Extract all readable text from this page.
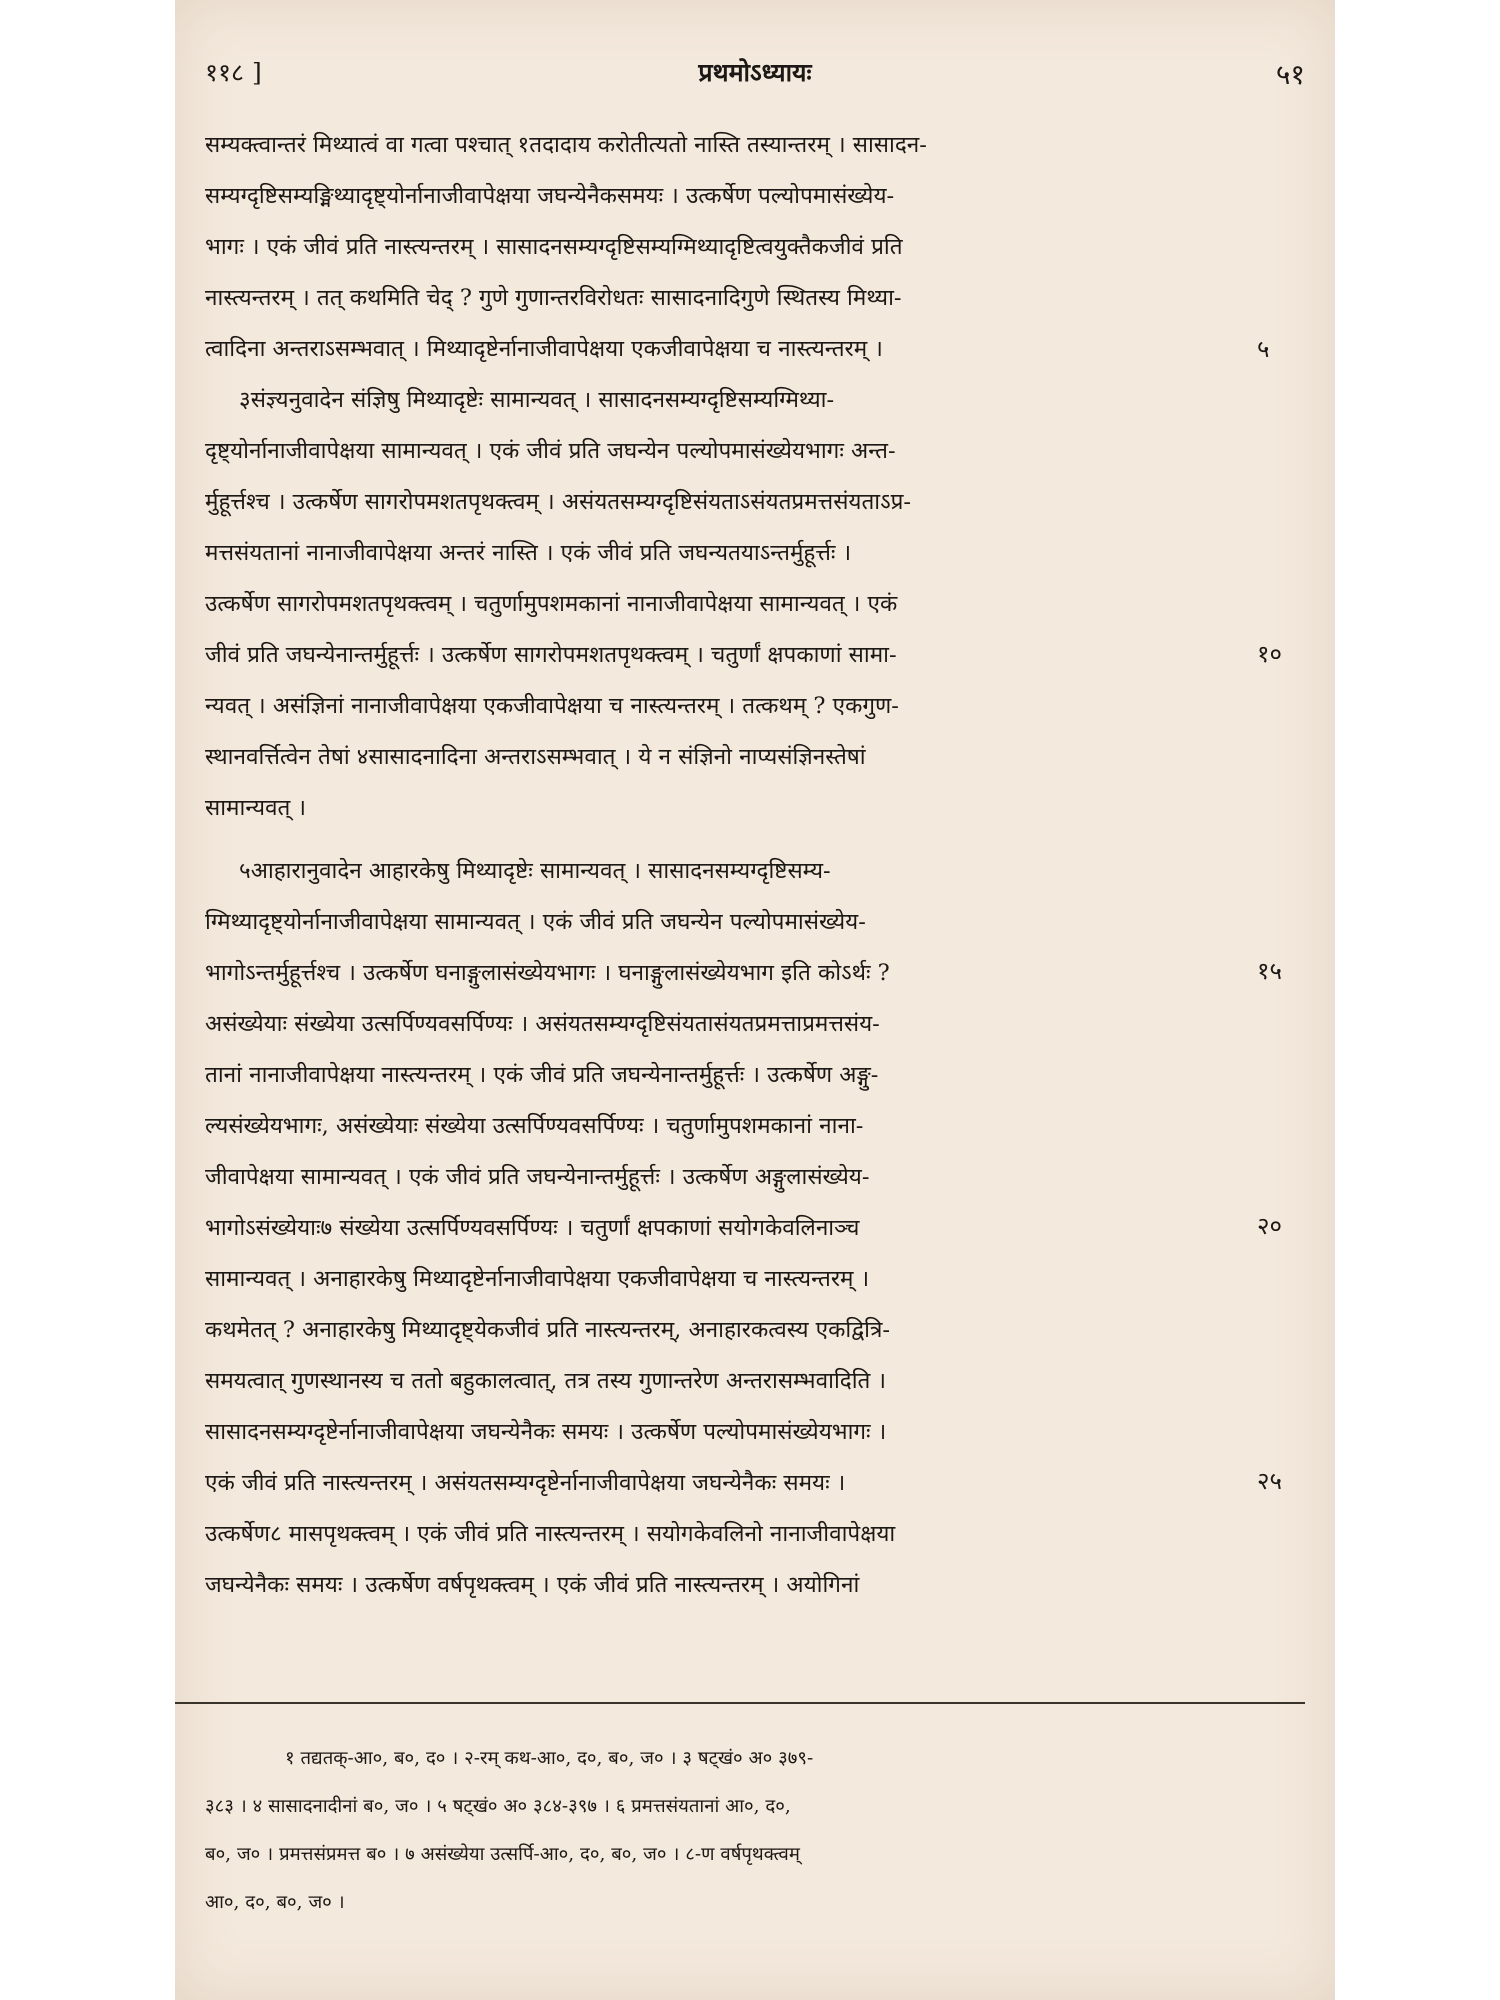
११८ ]	प्रथमोऽध्यायः	५१
सम्यक्त्वान्तरं मिथ्यात्वं वा गत्वा पश्चात् १तदादाय करोतीत्यतो नास्ति तस्यान्तरम् । सासादन-
सम्यग्दृष्टिसम्यङ्मिथ्यादृष्ट्योर्नानाजीवापेक्षया जघन्येनैकसमयः । उत्कर्षेण पल्योपमासंख्येय-
भागः । एकं जीवं प्रति नास्त्यन्तरम् । सासादनसम्यग्दृष्टिसम्यग्मिथ्यादृष्टित्वयुक्तैकजीवं प्रति
नास्त्यन्तरम् । तत् कथमिति चेद् ? गुणे गुणान्तरविरोधतः सासादनादिगुणे स्थितस्य मिथ्या-
त्वादिना अन्तराऽसम्भवात् । मिथ्यादृष्टेर्नानाजीवापेक्षया एकजीवापेक्षया च नास्त्यन्तरम् ।
३संज्ञ्यनुवादेन संज्ञिषु मिथ्यादृष्टेः सामान्यवत् । सासादनसम्यग्दृष्टिसम्यग्मिथ्या-
दृष्ट्योर्नानाजीवापेक्षया सामान्यवत् । एकं जीवं प्रति जघन्येन पल्योपमासंख्येयभागः अन्त-
र्मुहूर्त्तश्च । उत्कर्षेण सागरोपमशतपृथक्त्वम् । असंयतसम्यग्दृष्टिसंयताऽसंयतप्रमत्तसंयताऽप्र-
मत्तसंयतानां नानाजीवापेक्षया अन्तरं नास्ति । एकं जीवं प्रति जघन्यतयाऽन्तर्मुहूर्त्तः ।
उत्कर्षेण सागरोपमशतपृथक्त्वम् । चतुर्णामुपशमकानां नानाजीवापेक्षया सामान्यवत् । एकं
जीवं प्रति जघन्येनान्तर्मुहूर्त्तः । उत्कर्षेण सागरोपमशतपृथक्त्वम् । चतुर्णां क्षपकाणां सामा-
न्यवत् । असंज्ञिनां नानाजीवापेक्षया एकजीवापेक्षया च नास्त्यन्तरम् । तत्कथम् ? एकगुण-
स्थानवर्त्तित्वेन तेषां ४सासादनादिना अन्तराऽसम्भवात् । ये न संज्ञिनो नाप्यसंज्ञिनस्तेषां
सामान्यवत् ।
५आहारानुवादेन आहारकेषु मिथ्यादृष्टेः सामान्यवत् । सासादनसम्यग्दृष्टिसम्य-
ग्मिथ्यादृष्ट्योर्नानाजीवापेक्षया सामान्यवत् । एकं जीवं प्रति जघन्येन पल्योपमासंख्येय-
भागोऽन्तर्मुहूर्त्तश्च । उत्कर्षेण घनाङ्गुलासंख्येयभागः । घनाङ्गुलासंख्येयभाग इति कोऽर्थः ?
असंख्येयाः संख्येया उत्सर्पिण्यवसर्पिण्यः । असंयतसम्यग्दृष्टिसंयतासंयतप्रमत्ताप्रमत्तसंय-
तानां नानाजीवापेक्षया नास्त्यन्तरम् । एकं जीवं प्रति जघन्येनान्तर्मुहूर्त्तः । उत्कर्षेण अङ्गु-
ल्यसंख्येयभागः, असंख्येयाः संख्येया उत्सर्पिण्यवसर्पिण्यः । चतुर्णामुपशमकानां नाना-
जीवापेक्षया सामान्यवत् । एकं जीवं प्रति जघन्येनान्तर्मुहूर्त्तः । उत्कर्षेण अङ्गुलासंख्येय-
भागोऽसंख्येयाः७ संख्येया उत्सर्पिण्यवसर्पिण्यः । चतुर्णां क्षपकाणां सयोगकेवलिनाञ्च
सामान्यवत् । अनाहारकेषु मिथ्यादृष्टेर्नानाजीवापेक्षया एकजीवापेक्षया च नास्त्यन्तरम् ।
कथमेतत् ? अनाहारकेषु मिथ्यादृष्ट्येकजीवं प्रति नास्त्यन्तरम्, अनाहारकत्वस्य एकद्वित्रि-
समयत्वात् गुणस्थानस्य च ततो बहुकालत्वात्, तत्र तस्य गुणान्तरेण अन्तरासम्भवादिति ।
सासादनसम्यग्दृष्टेर्नानाजीवापेक्षया जघन्येनैकः समयः । उत्कर्षेण पल्योपमासंख्येयभागः ।
एकं जीवं प्रति नास्त्यन्तरम् । असंयतसम्यग्दृष्टेर्नानाजीवापेक्षया जघन्येनैकः समयः ।
उत्कर्षेण८ मासपृथक्त्वम् । एकं जीवं प्रति नास्त्यन्तरम् । सयोगकेवलिनो नानाजीवापेक्षया
जघन्येनैकः समयः । उत्कर्षेण वर्षपृथक्त्वम् । एकं जीवं प्रति नास्त्यन्तरम् । अयोगिनां
५
१०
१५
२०
२५
१ तद्यतक्-आ०, ब०, द० । २-रम् कथ-आ०, द०, ब०, ज० । ३ षट्खं० अ० ३७९-
३८३ । ४ सासादनादीनां ब०, ज० । ५ षट्खं० अ० ३८४-३९७ । ६ प्रमत्तसंयतानां आ०, द०,
ब०, ज० । प्रमत्तसंप्रमत्त ब० । ७ असंख्येया उत्सर्पि-आ०, द०, ब०, ज० । ८-ण वर्षपृथक्त्वम्
आ०, द०, ब०, ज० ।
